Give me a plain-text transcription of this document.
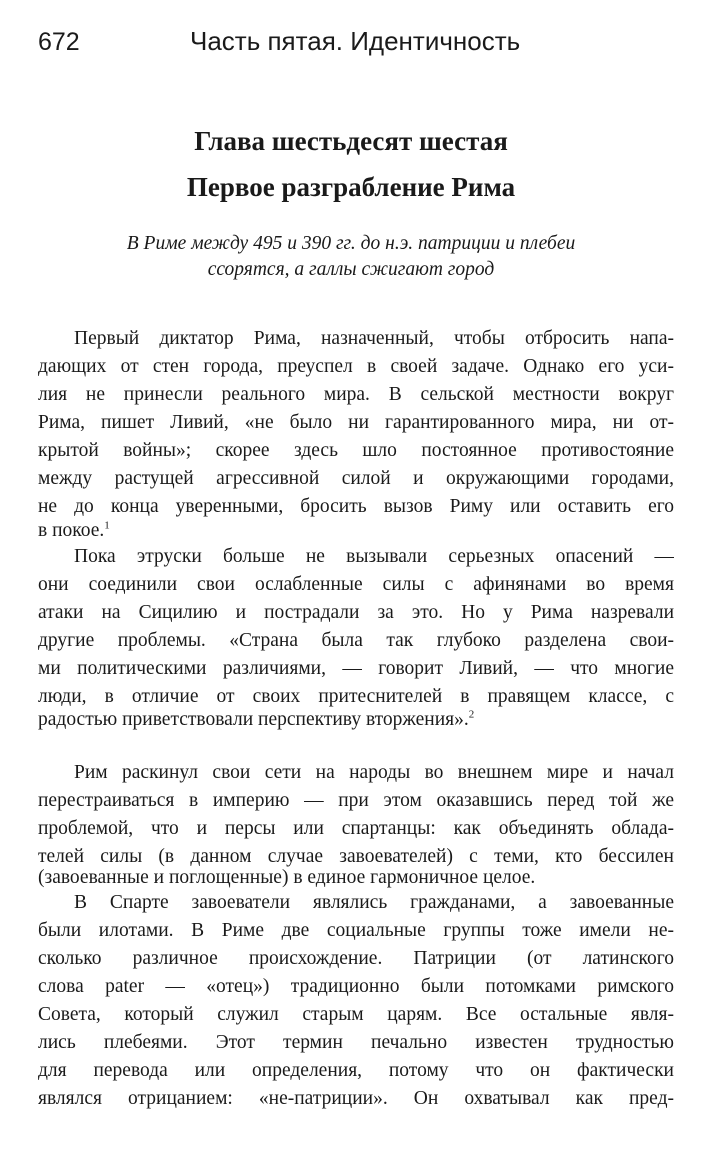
672	Часть пятая. Идентичность
Глава шестьдесят шестая
Первое разграбление Рима
В Риме между 495 и 390 гг. до н.э. патриции и плебеи
ссорятся, а галлы сжигают город
Первый диктатор Рима, назначенный, чтобы отбросить напа-
дающих от стен города, преуспел в своей задаче. Однако его уси-
лия не принесли реального мира. В сельской местности вокруг
Рима, пишет Ливий, «не было ни гарантированного мира, ни от-
крытой войны»; скорее здесь шло постоянное противостояние
между растущей агрессивной силой и окружающими городами,
не до конца уверенными, бросить вызов Риму или оставить его
в покое.$^1$
Пока этруски больше не вызывали серьезных опасений —
они соединили свои ослабленные силы с афинянами во время
атаки на Сицилию и пострадали за это. Но у Рима назревали
другие проблемы. «Страна была так глубоко разделена свои-
ми политическими различиями, — говорит Ливий, — что многие
люди, в отличие от своих притеснителей в правящем классе, с
радостью приветствовали перспективу вторжения».$^2$
Рим раскинул свои сети на народы во внешнем мире и начал
перестраиваться в империю — при этом оказавшись перед той же
проблемой, что и персы или спартанцы: как объединять облада-
телей силы (в данном случае завоевателей) с теми, кто бессилен
(завоеванные и поглощенные) в единое гармоничное целое.
В Спарте завоеватели являлись гражданами, а завоеванные
были илотами. В Риме две социальные группы тоже имели не-
сколько различное происхождение. Патриции (от латинского
слова pater — «отец») традиционно были потомками римского
Совета, который служил старым царям. Все остальные явля-
лись плебеями. Этот термин печально известен трудностью
для перевода или определения, потому что он фактически
являлся отрицанием: «не-патриции». Он охватывал как пред-
